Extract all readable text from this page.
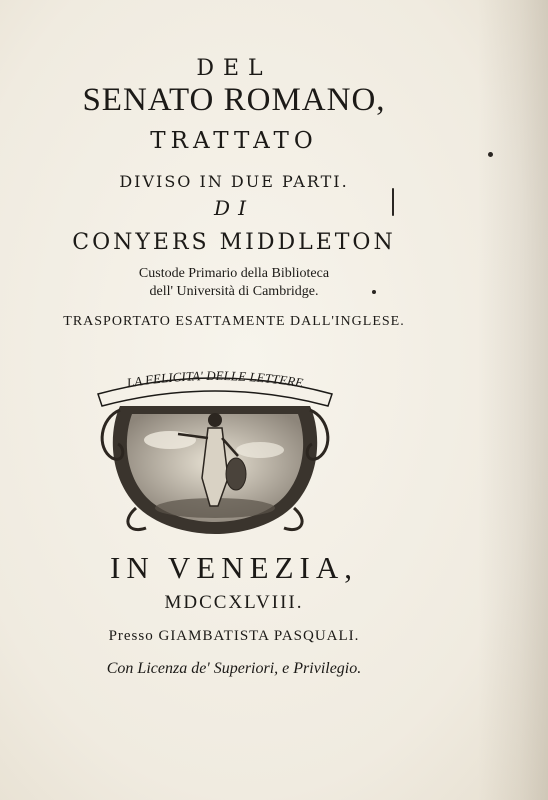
DEL
SENATO ROMANO,
TRATTATO
DIVISO IN DUE PARTI.
DI
CONYERS MIDDLETON
Custode Primario della Biblioteca
dell' Università di Cambridge.
TRASPORTATO ESATTAMENTE DALL'INGLESE.
LA FELICITA' DELLE LETTERE
IN VENEZIA,
MDCCXLVIII.
Presso GIAMBATISTA PASQUALI.
Con Licenza de' Superiori, e Privilegio.
